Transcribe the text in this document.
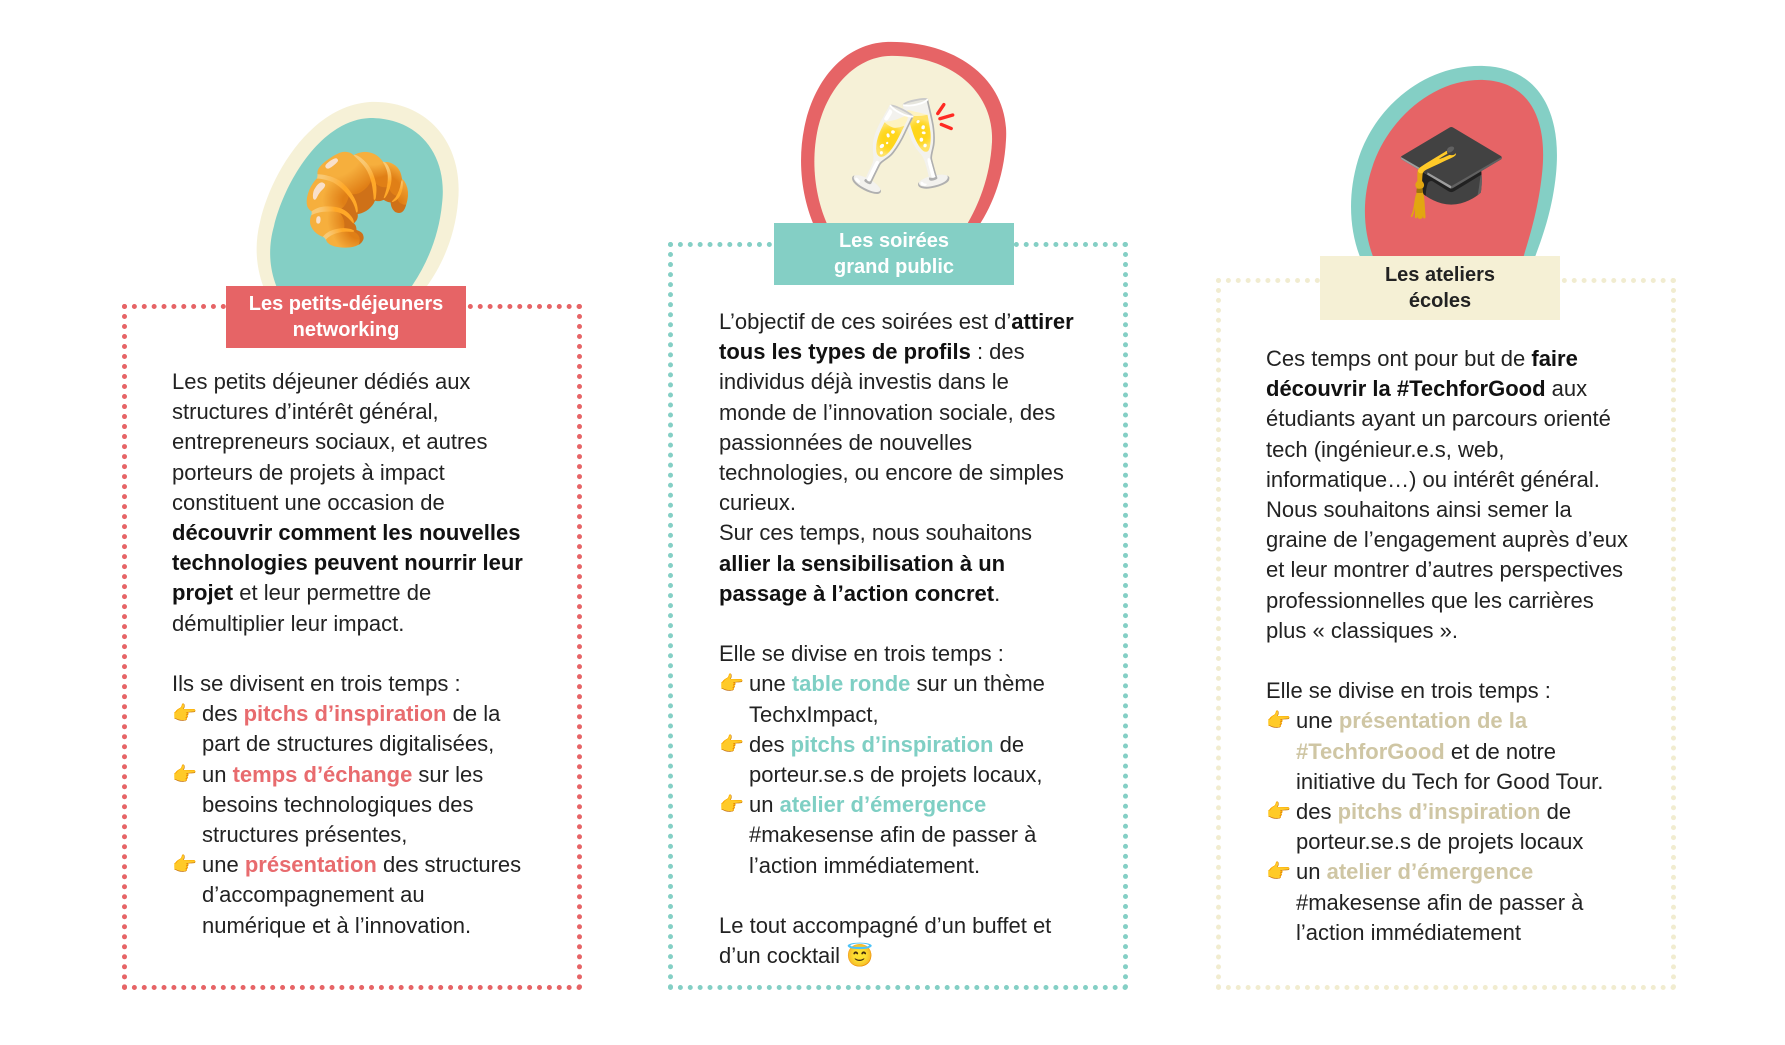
🥐
Les petits-déjeuners
networking

Les petits déjeuner dédiés aux structures d’intérêt général, entrepreneurs sociaux, et autres porteurs de projets à impact constituent une occasion de découvrir comment les nouvelles technologies peuvent nourrir leur projet et leur permettre de démultiplier leur impact.

Ils se divisent en trois temps :

👉 des pitchs d’inspiration de la part de structures digitalisées,
👉 un temps d’échange sur les besoins technologiques des structures présentes,
👉 une présentation des structures d’accompagnement au numérique et à l’innovation.
🥂
Les soirées
grand public

L’objectif de ces soirées est d’attirer tous les types de profils : des individus déjà investis dans le monde de l’innovation sociale, des passionnées de nouvelles technologies, ou encore de simples curieux.

Sur ces temps, nous souhaitons allier la sensibilisation à un passage à l’action concret.

Elle se divise en trois temps :

👉 une table ronde sur un thème TechxImpact,
👉 des pitchs d’inspiration de porteur.se.s de projets locaux,
👉 un atelier d’émergence #makesense afin de passer à l’action immédiatement.

Le tout accompagné d’un buffet et d’un cocktail 😇

🎓
Les ateliers
écoles

Ces temps ont pour but de faire découvrir la #TechforGood aux étudiants ayant un parcours orienté tech (ingénieur.e.s, web, informatique…) ou intérêt général. Nous souhaitons ainsi semer la graine de l’engagement auprès d’eux et leur montrer d’autres perspectives professionnelles que les carrières plus « classiques ».

Elle se divise en trois temps :

👉 une présentation de la #TechforGood et de notre initiative du Tech for Good Tour.
👉 des pitchs d’inspiration de porteur.se.s de projets locaux
👉 un atelier d’émergence #makesense afin de passer à l’action immédiatement
